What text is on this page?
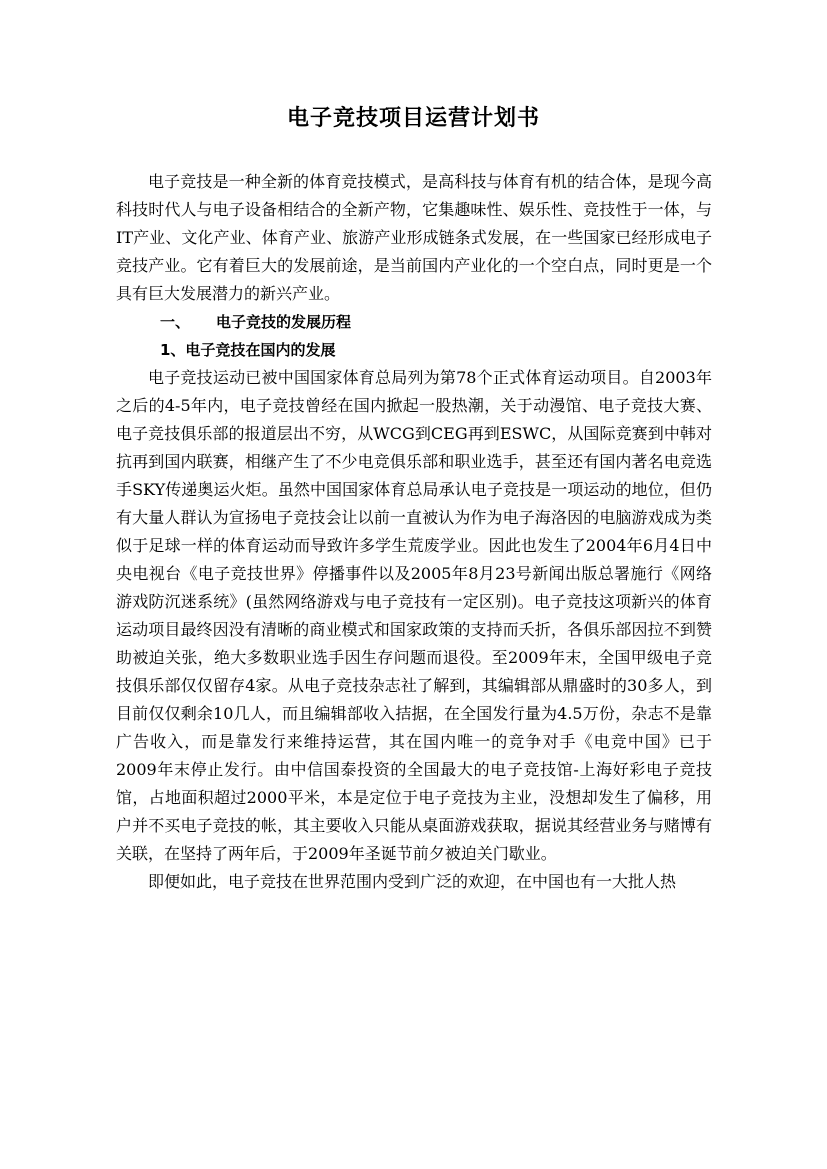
电子竞技项目运营计划书

电子竞技是一种全新的体育竞技模式，是高科技与体育有机的结合体，是现今高科技时代人与电子设备相结合的全新产物，它集趣味性、娱乐性、竞技性于一体，与IT产业、文化产业、体育产业、旅游产业形成链条式发展，在一些国家已经形成电子竞技产业。它有着巨大的发展前途，是当前国内产业化的一个空白点，同时更是一个具有巨大发展潜力的新兴产业。

一、 电子竞技的发展历程

1、电子竞技在国内的发展

电子竞技运动已被中国国家体育总局列为第78个正式体育运动项目。自2003年之后的4-5年内，电子竞技曾经在国内掀起一股热潮，关于动漫馆、电子竞技大赛、电子竞技俱乐部的报道层出不穷，从WCG到CEG再到ESWC，从国际竞赛到中韩对抗再到国内联赛，相继产生了不少电竞俱乐部和职业选手，甚至还有国内著名电竞选手SKY传递奥运火炬。虽然中国国家体育总局承认电子竞技是一项运动的地位，但仍有大量人群认为宣扬电子竞技会让以前一直被认为作为电子海洛因的电脑游戏成为类似于足球一样的体育运动而导致许多学生荒废学业。因此也发生了2004年6月4日中央电视台《电子竞技世界》停播事件以及2005年8月23号新闻出版总署施行《网络游戏防沉迷系统》(虽然网络游戏与电子竞技有一定区别)。电子竞技这项新兴的体育运动项目最终因没有清晰的商业模式和国家政策的支持而夭折，各俱乐部因拉不到赞助被迫关张，绝大多数职业选手因生存问题而退役。至2009年末，全国甲级电子竞技俱乐部仅仅留存4家。从电子竞技杂志社了解到，其编辑部从鼎盛时的30多人，到目前仅仅剩余10几人，而且编辑部收入拮据，在全国发行量为4.5万份，杂志不是靠广告收入，而是靠发行来维持运营，其在国内唯一的竞争对手《电竞中国》已于2009年末停止发行。由中信国泰投资的全国最大的电子竞技馆-上海好彩电子竞技馆，占地面积超过2000平米，本是定位于电子竞技为主业，没想却发生了偏移，用户并不买电子竞技的帐，其主要收入只能从桌面游戏获取，据说其经营业务与赌博有关联，在坚持了两年后，于2009年圣诞节前夕被迫关门歇业。

即便如此，电子竞技在世界范围内受到广泛的欢迎，在中国也有一大批人热
